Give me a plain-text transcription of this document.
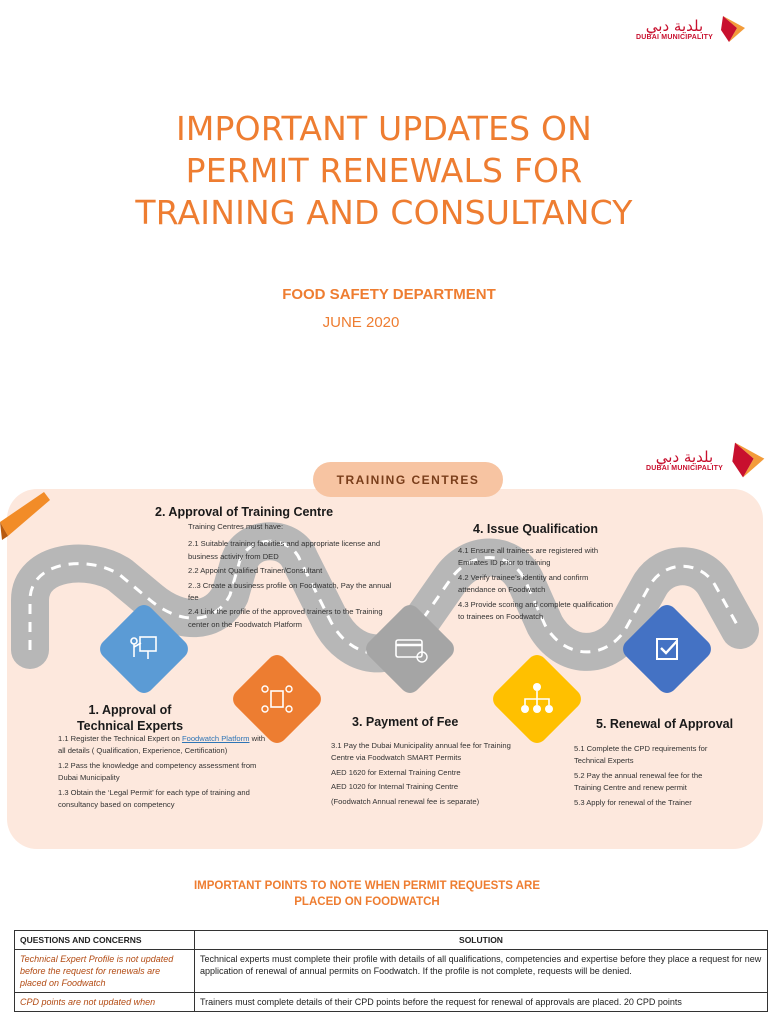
بلدية دبي
DUBAI MUNICIPALITY
IMPORTANT UPDATES ON
PERMIT RENEWALS FOR
TRAINING AND CONSULTANCY
FOOD SAFETY DEPARTMENT
JUNE 2020
بلدية دبي
DUBAI MUNICIPALITY
TRAINING CENTRES
2. Approval of Training Centre

Training Centres must have:

2.1 Suitable training facilities and appropriate license and business activity from DED

2.2 Appoint Qualified Trainer/Consultant

2..3 Create a business profile on Foodwatch, Pay the annual fee

2.4 Link the profile of the approved trainers to the Training center on the Foodwatch Platform

4. Issue Qualification

4.1 Ensure all trainees are registered with Emirates ID prior to training

4.2 Verify trainee’s identity and confirm attendance on Foodwatch

4.3 Provide scoring and complete qualification to trainees on Foodwatch

1. Approval of
Technical Experts

1.1 Register the Technical Expert on Foodwatch Platform with all details ( Qualification, Experience, Certification)

1.2 Pass the knowledge and competency assessment from Dubai Municipality

1.3 Obtain the ‘Legal Permit’ for each type of training and consultancy based on competency

3. Payment of Fee

3.1 Pay the Dubai Municipality annual fee for Training Centre via Foodwatch SMART Permits

AED 1620 for External Training Centre

AED 1020 for Internal Training Centre

(Foodwatch Annual renewal fee is separate)

5. Renewal of Approval

5.1 Complete the CPD requirements for Technical Experts

5.2 Pay the annual renewal fee for the Training Centre and renew permit

5.3 Apply for renewal of the Trainer

IMPORTANT POINTS TO NOTE WHEN PERMIT REQUESTS ARE
PLACED ON FOODWATCH
QUESTIONS AND CONCERNS	SOLUTION
Technical Expert Profile is not updated before the request for renewals are placed on Foodwatch	Technical experts must complete their profile with details of all qualifications, competencies and expertise before they place a request for new application of renewal of annual permits on Foodwatch. If the profile is not complete, requests will be denied.
CPD points are not updated when	Trainers must complete details of their CPD points before the request for renewal of approvals are placed. 20 CPD points
